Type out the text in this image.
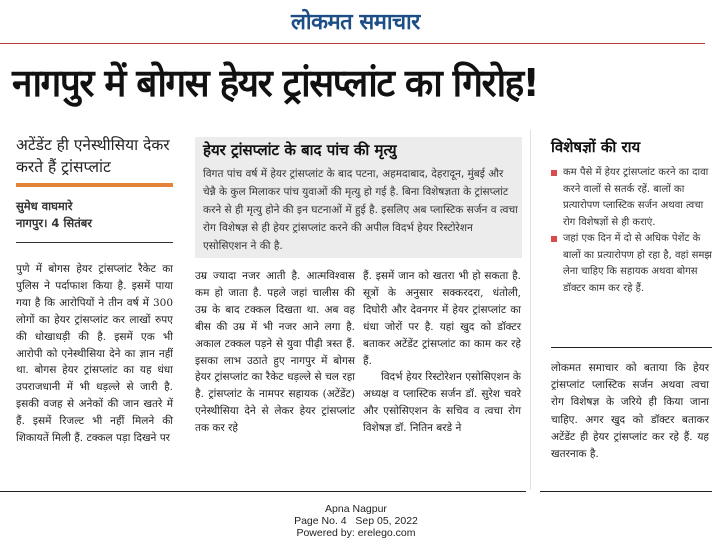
लोकमत समाचार
नागपुर में बोगस हेयर ट्रांसप्लांट का गिरोह!
अटेंडेंट ही एनेस्थीसिया देकर करते हैं ट्रांसप्लांट
सुमेध वाघमारे
नागपुर। 4 सितंबर
हेयर ट्रांसप्लांट के बाद पांच की मृत्यु
विगत पांच वर्ष में हेयर ट्रांसप्लांट के बाद पटना, अहमदाबाद, देहरादून, मुंबई और चेन्नै के कुल मिलाकर पांच युवाओं की मृत्यु हो गई है. बिना विशेषज्ञता के ट्रांसप्लांट करने से ही मृत्यु होने की इन घटनाओं में हुई है. इसलिए अब प्लास्टिक सर्जन व त्वचा रोग विशेषज्ञ से ही हेयर ट्रांसप्लांट करने की अपील विदर्भ हेयर रिस्टोरेशन एसोसिएशन ने की है.
पुणे में बोगस हेयर ट्रांसप्लांट रैकेट का पुलिस ने पर्दाफाश किया है. इसमें पाया गया है कि आरोपियों ने तीन वर्ष में 300 लोगों का हेयर ट्रांसप्लांट कर लाखों रुपए की धोखाधड़ी की है. इसमें एक भी आरोपी को एनेस्थीसिया देने का ज्ञान नहीं था. बोगस हेयर ट्रांसप्लांट का यह धंधा उपराजधानी में भी धड़ल्ले से जारी है. इसकी वजह से अनेकों की जान खतरे में हैं. इसमें रिजल्ट भी नहीं मिलने की शिकायतें मिली हैं. टक्कल पड़ा दिखने पर
उम्र ज्यादा नजर आती है. आत्मविश्वास कम हो जाता है. पहले जहां चालीस की उम्र के बाद टक्कल दिखता था. अब वह बीस की उम्र में भी नजर आने लगा है. अकाल टक्कल पड़ने से युवा पीढ़ी त्रस्त हैं. इसका लाभ उठाते हुए नागपुर में बोगस हेयर ट्रांसप्लांट का रैकेट धड़ल्ले से चल रहा है. ट्रांसप्लांट के नामपर सहायक (अटेंडेंट) एनेस्थीसिया देने से लेकर हेयर ट्रांसप्लांट तक कर रहे
हैं. इसमें जान को खतरा भी हो सकता है. सूत्रों के अनुसार सक्करदरा, धंतोली, दिघोरी और देवनगर में हेयर ट्रांसप्लांट का धंधा जोरों पर है. यहां खुद को डॉक्टर बताकर अटेंडेंट ट्रांसप्लांट का काम कर रहे हैं.
विदर्भ हेयर रिस्टोरेशन एसोसिएशन के अध्यक्ष व प्लास्टिक सर्जन डॉ. सुरेश चवरे और एसोसिएशन के सचिव व त्वचा रोग विशेषज्ञ डॉ. नितिन बरडे ने
विशेषज्ञों की राय
कम पैसे में हेयर ट्रांसप्लांट करने का दावा करने वालों से सतर्क रहें. बालों का प्रत्यारोपण प्लास्टिक सर्जन अथवा त्वचा रोग विशेषज्ञों से ही कराएं.
जहां एक दिन में दो से अधिक पेशेंट के बालों का प्रत्यारोपण हो रहा है, वहां समझ लेना चाहिए कि सहायक अथवा बोगस डॉक्टर काम कर रहे हैं.
लोकमत समाचार को बताया कि हेयर ट्रांसप्लांट प्लास्टिक सर्जन अथवा त्वचा रोग विशेषज्ञ के जरिये ही किया जाना चाहिए. अगर खुद को डॉक्टर बताकर अटेंडेंट ही हेयर ट्रांसप्लांट कर रहे हैं. यह खतरनाक है.
Apna Nagpur
Page No. 4 Sep 05, 2022
Powered by: erelego.com
